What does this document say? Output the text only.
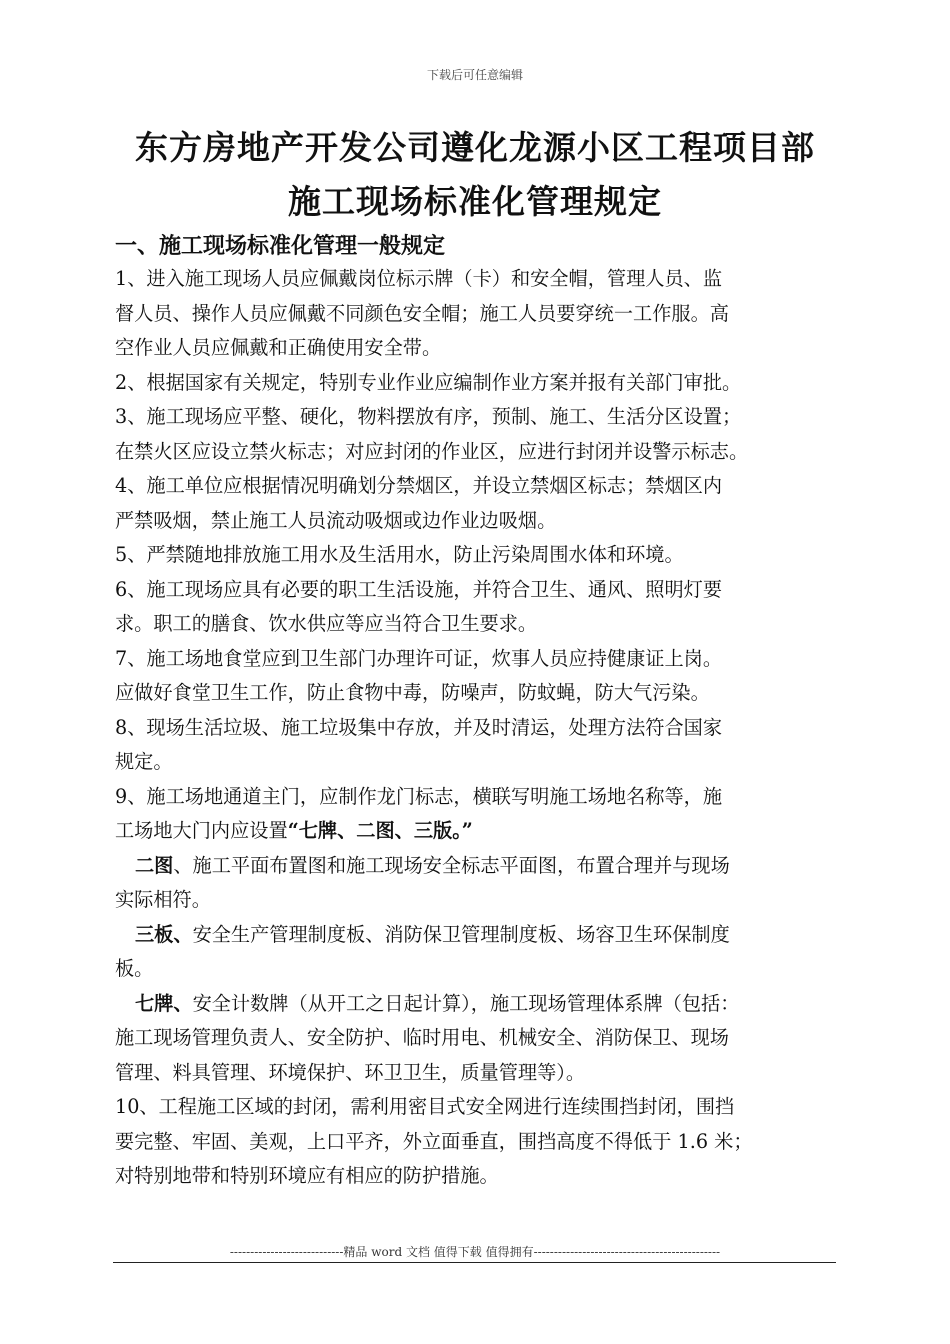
下载后可任意编辑
东方房地产开发公司遵化龙源小区工程项目部
施工现场标准化管理规定
一、施工现场标准化管理一般规定
1、进入施工现场人员应佩戴岗位标示牌（卡）和安全帽，管理人员、监
督人员、操作人员应佩戴不同颜色安全帽；施工人员要穿统一工作服。高
空作业人员应佩戴和正确使用安全带。
2、根据国家有关规定，特别专业作业应编制作业方案并报有关部门审批。
3、施工现场应平整、硬化，物料摆放有序，预制、施工、生活分区设置；
在禁火区应设立禁火标志；对应封闭的作业区，应进行封闭并设警示标志。
4、施工单位应根据情况明确划分禁烟区，并设立禁烟区标志；禁烟区内
严禁吸烟，禁止施工人员流动吸烟或边作业边吸烟。
5、严禁随地排放施工用水及生活用水，防止污染周围水体和环境。
6、施工现场应具有必要的职工生活设施，并符合卫生、通风、照明灯要
求。职工的膳食、饮水供应等应当符合卫生要求。
7、施工场地食堂应到卫生部门办理许可证，炊事人员应持健康证上岗。
应做好食堂卫生工作，防止食物中毒，防噪声，防蚊蝇，防大气污染。
8、现场生活垃圾、施工垃圾集中存放，并及时清运，处理方法符合国家
规定。
9、施工场地通道主门，应制作龙门标志，横联写明施工场地名称等，施
工场地大门内应设置“七牌、二图、三版。”
二图、施工平面布置图和施工现场安全标志平面图，布置合理并与现场
实际相符。
三板、安全生产管理制度板、消防保卫管理制度板、场容卫生环保制度
板。
七牌、安全计数牌（从开工之日起计算），施工现场管理体系牌（包括：
施工现场管理负责人、安全防护、临时用电、机械安全、消防保卫、现场
管理、料具管理、环境保护、环卫卫生，质量管理等）。
10、工程施工区域的封闭，需利用密目式安全网进行连续围挡封闭，围挡
要完整、牢固、美观，上口平齐，外立面垂直，围挡高度不得低于 1.6 米；
对特别地带和特别环境应有相应的防护措施。
----------------------------精品 word 文档 值得下载 值得拥有----------------------------------------------
